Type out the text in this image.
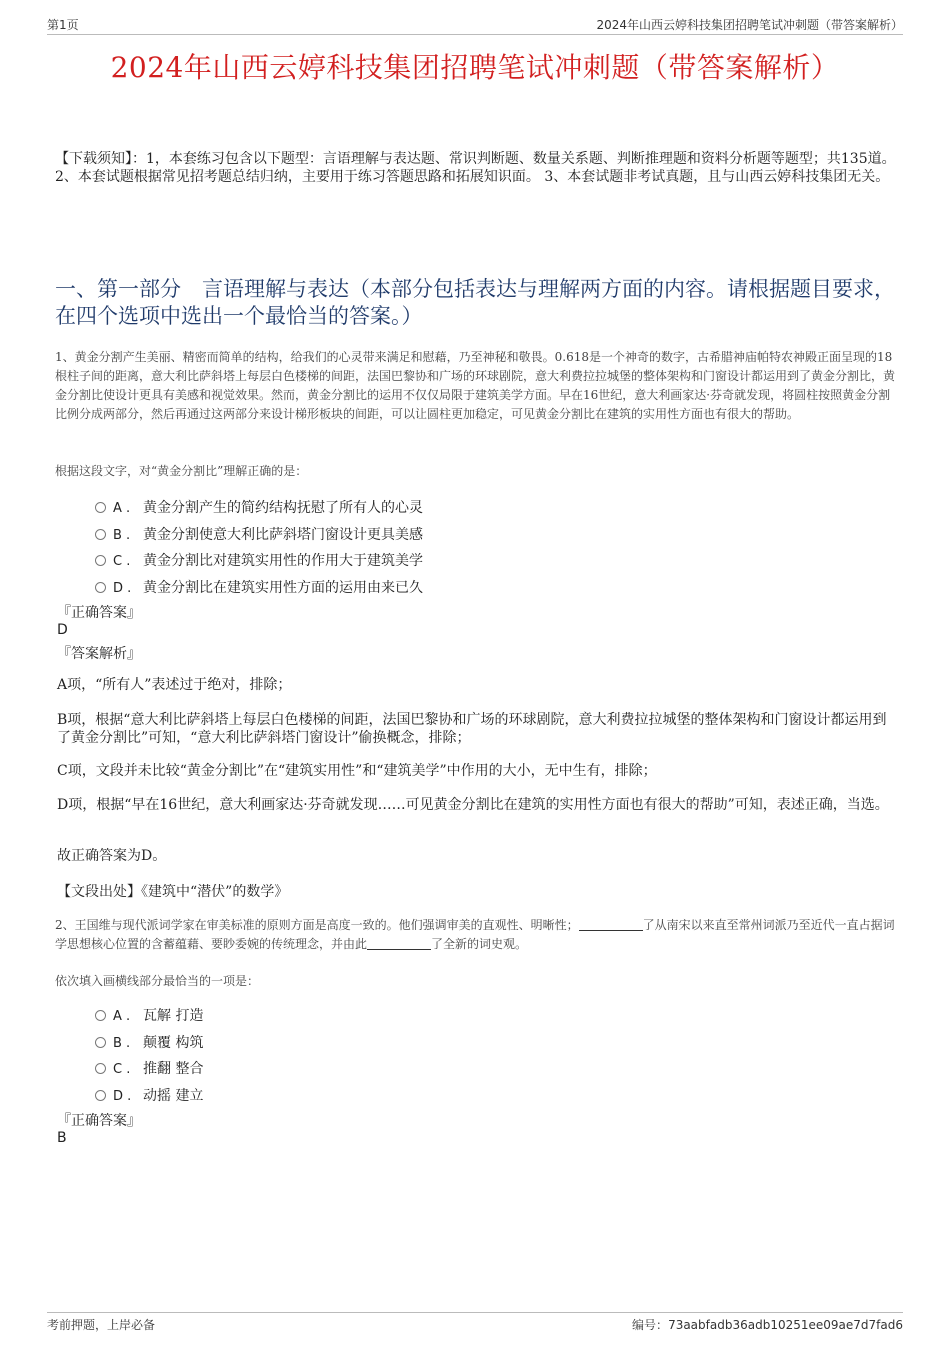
第1页	2024年山西云婷科技集团招聘笔试冲刺题（带答案解析）
2024年山西云婷科技集团招聘笔试冲刺题（带答案解析）
【下载须知】：1，本套练习包含以下题型：言语理解与表达题、常识判断题、数量关系题、判断推理题和资料分析题等题型；共135道。 2、本套试题根据常见招考题总结归纳，主要用于练习答题思路和拓展知识面。 3、本套试题非考试真题，且与山西云婷科技集团无关。
一、第一部分　言语理解与表达（本部分包括表达与理解两方面的内容。请根据题目要求，在四个选项中选出一个最恰当的答案。）
1、黄金分割产生美丽、精密而简单的结构，给我们的心灵带来满足和慰藉，乃至神秘和敬畏。0.618是一个神奇的数字，古希腊神庙帕特农神殿正面呈现的18根柱子间的距离，意大利比萨斜塔上每层白色楼梯的间距，法国巴黎协和广场的环球剧院，意大利费拉拉城堡的整体架构和门窗设计都运用到了黄金分割比，黄金分割比使设计更具有美感和视觉效果。然而，黄金分割比的运用不仅仅局限于建筑美学方面。早在16世纪，意大利画家达·芬奇就发现，将圆柱按照黄金分割比例分成两部分，然后再通过这两部分来设计梯形板块的间距，可以让圆柱更加稳定，可见黄金分割比在建筑的实用性方面也有很大的帮助。
根据这段文字，对“黄金分割比”理解正确的是：
A . 黄金分割产生的简约结构抚慰了所有人的心灵
B . 黄金分割使意大利比萨斜塔门窗设计更具美感
C . 黄金分割比对建筑实用性的作用大于建筑美学
D . 黄金分割比在建筑实用性方面的运用由来已久
『正确答案』
D
『答案解析』
A项，“所有人”表述过于绝对，排除；
B项，根据“意大利比萨斜塔上每层白色楼梯的间距，法国巴黎协和广场的环球剧院，意大利费拉拉城堡的整体架构和门窗设计都运用到了黄金分割比”可知，“意大利比萨斜塔门窗设计”偷换概念，排除；
C项，文段并未比较“黄金分割比”在“建筑实用性”和“建筑美学”中作用的大小，无中生有，排除；
D项，根据“早在16世纪，意大利画家达·芬奇就发现……可见黄金分割比在建筑的实用性方面也有很大的帮助”可知，表述正确，当选。
故正确答案为D。
【文段出处】《建筑中“潜伏”的数学》
2、王国维与现代派词学家在审美标准的原则方面是高度一致的。他们强调审美的直观性、明晰性；	了从南宋以来直至常州词派乃至近代一直占据词学思想核心位置的含蓄蕴藉、要眇委婉的传统理念，并由此	了全新的词史观。
依次填入画横线部分最恰当的一项是：
A . 瓦解 打造
B . 颠覆 构筑
C . 推翻 整合
D . 动摇 建立
『正确答案』
B
考前押题，上岸必备	编号：73aabfadb36adb10251ee09ae7d7fad6
